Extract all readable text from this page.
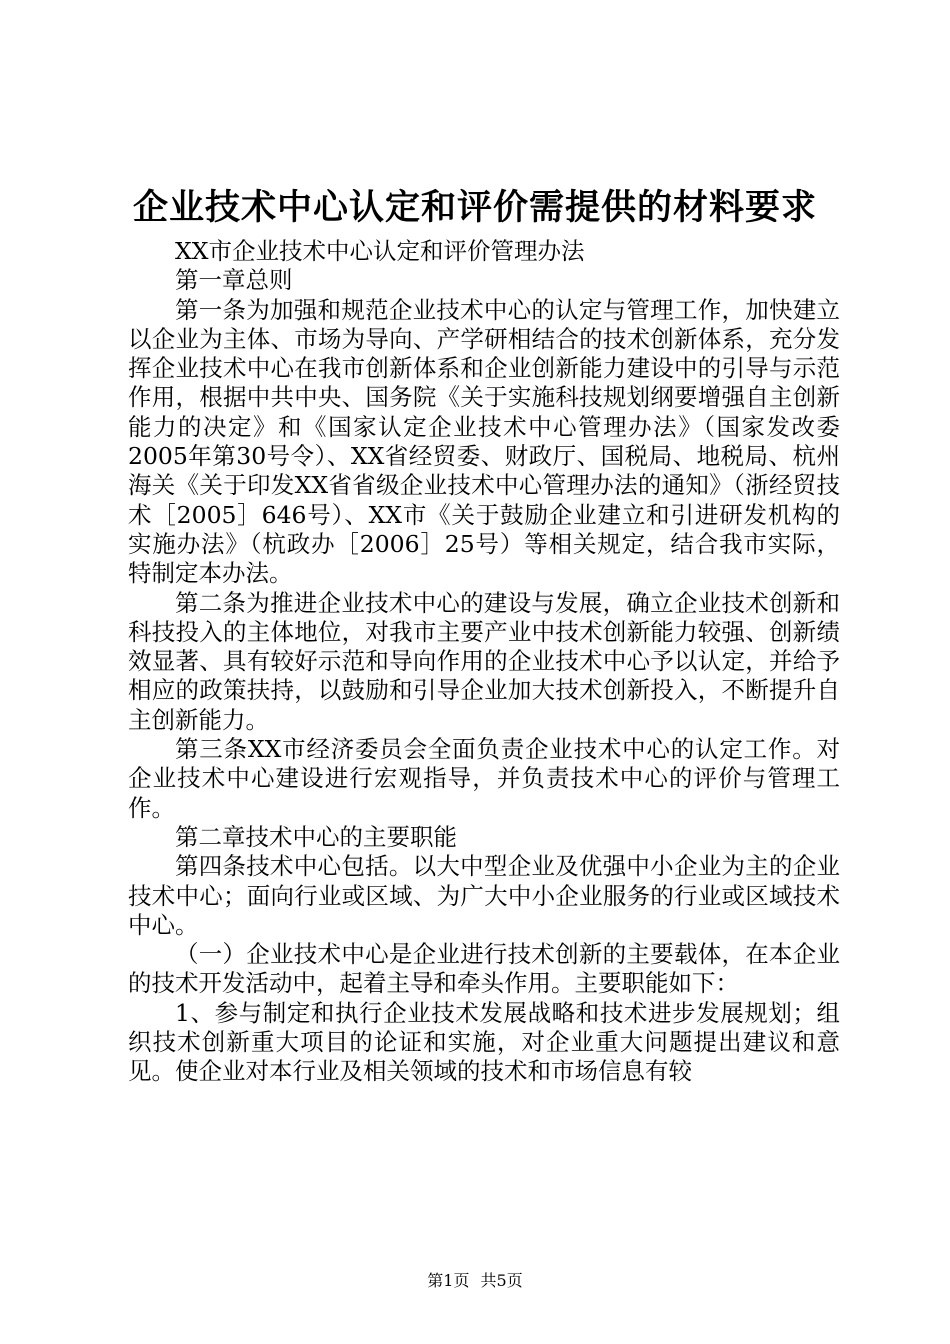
企业技术中心认定和评价需提供的材料要求

XX市企业技术中心认定和评价管理办法

第一章总则

第一条为加强和规范企业技术中心的认定与管理工作，加快建立以企业为主体、市场为导向、产学研相结合的技术创新体系，充分发挥企业技术中心在我市创新体系和企业创新能力建设中的引导与示范作用，根据中共中央、国务院《关于实施科技规划纲要增强自主创新能力的决定》和《国家认定企业技术中心管理办法》（国家发改委2005年第30号令）、XX省经贸委、财政厅、国税局、地税局、杭州海关《关于印发XX省省级企业技术中心管理办法的通知》（浙经贸技术［2005］646号）、XX市《关于鼓励企业建立和引进研发机构的实施办法》（杭政办［2006］25号）等相关规定，结合我市实际，特制定本办法。

第二条为推进企业技术中心的建设与发展，确立企业技术创新和科技投入的主体地位，对我市主要产业中技术创新能力较强、创新绩效显著、具有较好示范和导向作用的企业技术中心予以认定，并给予相应的政策扶持，以鼓励和引导企业加大技术创新投入，不断提升自主创新能力。

第三条XX市经济委员会全面负责企业技术中心的认定工作。对企业技术中心建设进行宏观指导，并负责技术中心的评价与管理工作。

第二章技术中心的主要职能

第四条技术中心包括。以大中型企业及优强中小企业为主的企业技术中心；面向行业或区域、为广大中小企业服务的行业或区域技术中心。

（一）企业技术中心是企业进行技术创新的主要载体，在本企业的技术开发活动中，起着主导和牵头作用。主要职能如下：

1、参与制定和执行企业技术发展战略和技术进步发展规划；组织技术创新重大项目的论证和实施，对企业重大问题提出建议和意见。使企业对本行业及相关领域的技术和市场信息有较

第1页 共5页
